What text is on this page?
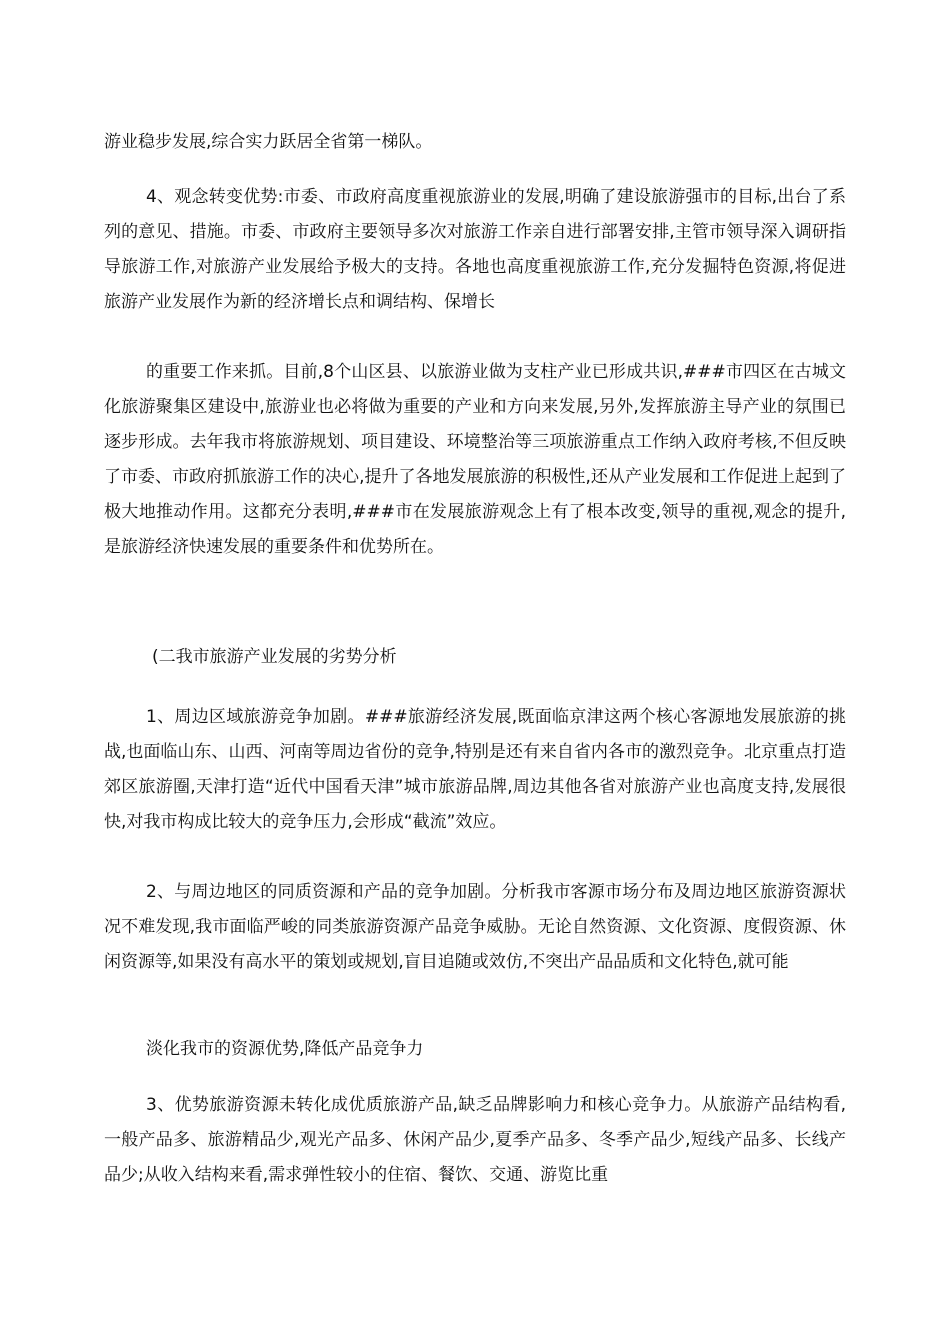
游业稳步发展,综合实力跃居全省第一梯队。

4、观念转变优势:市委、市政府高度重视旅游业的发展,明确了建设旅游强市的目标,出台了系列的意见、措施。市委、市政府主要领导多次对旅游工作亲自进行部署安排,主管市领导深入调研指导旅游工作,对旅游产业发展给予极大的支持。各地也高度重视旅游工作,充分发掘特色资源,将促进旅游产业发展作为新的经济增长点和调结构、保增长

的重要工作来抓。目前,8个山区县、以旅游业做为支柱产业已形成共识,###市四区在古城文化旅游聚集区建设中,旅游业也必将做为重要的产业和方向来发展,另外,发挥旅游主导产业的氛围已逐步形成。去年我市将旅游规划、项目建设、环境整治等三项旅游重点工作纳入政府考核,不但反映了市委、市政府抓旅游工作的决心,提升了各地发展旅游的积极性,还从产业发展和工作促进上起到了极大地推动作用。这都充分表明,###市在发展旅游观念上有了根本改变,领导的重视,观念的提升,是旅游经济快速发展的重要条件和优势所在。

(二我市旅游产业发展的劣势分析

1、周边区域旅游竞争加剧。###旅游经济发展,既面临京津这两个核心客源地发展旅游的挑战,也面临山东、山西、河南等周边省份的竞争,特别是还有来自省内各市的激烈竞争。北京重点打造郊区旅游圈,天津打造“近代中国看天津”城市旅游品牌,周边其他各省对旅游产业也高度支持,发展很快,对我市构成比较大的竞争压力,会形成“截流”效应。

2、与周边地区的同质资源和产品的竞争加剧。分析我市客源市场分布及周边地区旅游资源状况不难发现,我市面临严峻的同类旅游资源产品竞争威胁。无论自然资源、文化资源、度假资源、休闲资源等,如果没有高水平的策划或规划,盲目追随或效仿,不突出产品品质和文化特色,就可能

淡化我市的资源优势,降低产品竞争力

3、优势旅游资源未转化成优质旅游产品,缺乏品牌影响力和核心竞争力。从旅游产品结构看,一般产品多、旅游精品少,观光产品多、休闲产品少,夏季产品多、冬季产品少,短线产品多、长线产品少;从收入结构来看,需求弹性较小的住宿、餐饮、交通、游览比重
